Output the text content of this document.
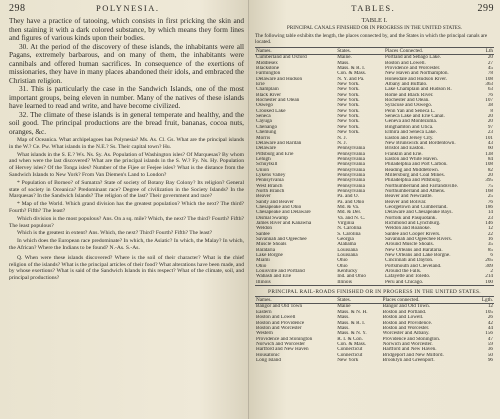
298	POLYNESIA.

They have a practice of tatooing, which consists in first pricking the skin and then staining it with a dark colored substance, by which means they form lines and figures of various kinds upon their bodies.

30. At the period of the discovery of these islands, the inhabitants were all Pagans, extremely barbarous, and on many of them, the inhabitants were cannibals and offered human sacrifices. In consequence of the exertions of missionaries, they have in many places abandoned their idols, and embraced the Christian religion.

31. This is particularly the case in the Sandwich Islands, one of the most important groups, being eleven in number. Many of the natives of these islands have learned to read and write, and have become civilized.

32. The climate of these islands is in general temperate and healthy, and the soil good. The principal productions are the bread fruit, bananas, cocoa nuts, oranges, &c.

Map of Oceanica. What archipelagoes has Polynesia? Ms. As. Cl. Gs. What are the principal islands in the W.? Ce. Pw. What islands in the N.E.? Ss. Their capital town? Hu.

What islands in the S. E.? Ws. Ns. Sy. As. Population of Washington isles? Of Marquesas? By whom and when were the last discovered? What are the principal islands in the S. W.? Fy. Ns. Hy. Population of Hervey isles? Of the Tonga isles? Number of the Fijee or Feejee isles? What is the distance from the Sandwich Islands to New York? From Van Diemen's Land to London?

* Population of Borneo? of Sumatra? State of society of Botany Bay Colony? Its religion? General state of society in Oceanica? Predominant race? Degree of civilization in the Society Islands? In the Marquesas? In the Sandwich Islands? The religion of the last? Their government and race?

* Map of the World. Which grand division has the greatest population? Which the next? The third? Fourth? Fifth? The least?

Which division is the most populous? Ans. On a sq. mile? Which, the next? The third? Fourth? Fifth? The least populous?

Which is the greatest in extent? Ans. Which, the next? Third? Fourth? Fifth? The least?

In which does the European race predominate? In which, the Asiatic? In which, the Malay? In which, the African? Where the Indians to be found? N.-As. S.-As.

Q. When were these islands discovered? Where is the soil of their character? What is the chief religion of the islands? What is the principal articles of their food? What alterations have been made, and by whose exertions? What is said of the Sandwich Islands in this respect? What of the climate, soil, and principal productions?

TABLES.	299
TABLE I.
PRINCIPAL CANALS FINISHED OR IN PROGRESS IN THE UNITED STATES.
The following table exhibits the length, the places connected by, and the States in which the principal canals are located.
Names.	States.	Places Connected.	Lth
Cumberland and Oxford	Maine.	Portland and Sebago Lake.	20
Middlesex	Mass.	Boston and Lowell.	27
Blackstone	Mass. & R. I.	Providence and Worcester.	45
Farmington	Con. & Mass.	New Haven and Northampton.	78
Delaware and Hudson	N. Y. and Pa.	Honesdale and Hudson River.	108
Erie	New York.	Albany and Buffalo.	363
Champlain	New York.	Lake Champlain and Hudson R.	63
Black River	New York.	Rome and Black River.	76
Rochester and Olean	New York.	Rochester and Olean.	107
Oswego	New York.	Syracuse and Oswego.	38
Crooked Lake	New York.	Penn Yan and Seneca L.	8
Seneca	New York.	Seneca Lake and Erie Canal.	20
Cayuga	New York.	Geneva and Montezuma.	20
Chenango	New York.	Binghamton and Utica.	97
Chemung	New York.	Elmira and Seneca Lake.	23
Morris	N. J.	Easton and Jersey City.	101
Delaware and Raritan	N. J.	New Brunswick and Bordentown.	43
Delaware	Pennsylvania	Bristol and Easton.	60
Pittsburg and Erie	Pennsylvania	Franklin and Erie.	138
Lehigh	Pennsylvania	Easton and White Haven.	84
Schuylkill	Pennsylvania	Philadelphia and Port Carbon.	108
Union	Pennsylvania	Reading and Middletown.	82
Lykens Valley	Pennsylvania	Millersburg and Coal Mines.	20
Pennsylvania	Pennsylvania	Philadelphia and Pittsburg.	395
West Branch	Pennsylvania	Northumberland and Farrandsville.	75
North Branch	Pennsylvania	Northumberland and Athens.	168
Beaver	Pa. and O.	Beaver and Newcastle.	25
Sandy and Beaver	Pa. and Ohio	Beaver and Bolivar.	76
Chesapeake and Ohio	Md. & Va.	Georgetown and Cumberland.	186
Chesapeake and Delaware	Md. & Del.	Delaware and Chesapeake Bays.	14
Dismal Swamp	Va. and N. C.	Norfolk and Pasquotank.	23
James River and Kanawha	Virginia	Richmond and Lynchburg.	146
Weldon	N. Carolina	Weldon and Roanoke.	12
Santee	S. Carolina	Santee and Cooper Rivers.	22
Savannah and Ogeechee	Georgia	Savannah and Ogeechee Rivers.	16
Muscle Shoals	Alabama	Around Muscle Shoals.	35
Barataria	Louisiana	New Orleans and Barataria.	85
Lake Borgne	Louisiana	New Orleans and Lake Borgne.	6
Miami	Ohio	Cincinnati and Dayton.	265
Ohio	Ohio	Portsmouth and Cleveland.	309
Louisville and Portland	Kentucky	Around the Falls.	2
Wabash and Erie	Ind. and Ohio	Lafayette and Toledo.	214
Illinois	Illinois	Peru and Chicago.	100
PRINCIPAL RAIL-ROADS FINISHED OR IN PROGRESS IN THE UNITED STATES.
Names.	States.	Places connected.	Lgth.
Bangor and Old Town	Maine	Bangor and Old Town.	12
Eastern	Mass. & N. H.	Boston and Portland.	105
Boston and Lowell	Mass.	Boston and Lowell.	26
Boston and Providence	Mass. & R. I.	Boston and Providence.	42
Boston and Worcester	Mass.	Boston and Worcester.	44
Western	Mass. & N. Y.	Worcester and Albany.	156
Providence and Stonington	R. I. & Con.	Providence and Stonington.	47
Norwich and Worcester	Con. & Mass.	Norwich and Worcester.	59
Hartford and New Haven	Connecticut	Hartford and New Haven.	36
Housatonic	Connecticut	Bridgeport and New Milford.	50
Long Island	New York	Brooklyn and Greenport.	96
